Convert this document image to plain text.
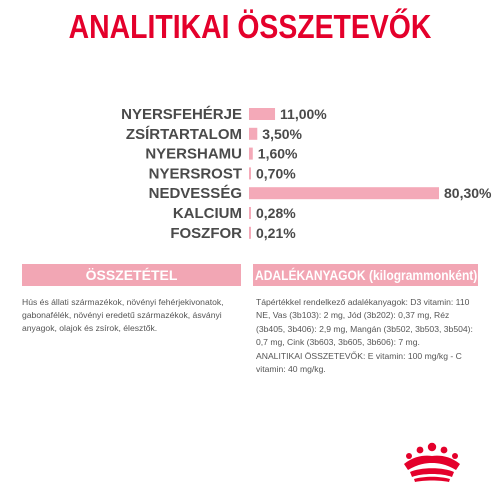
ANALITIKAI ÖSSZETEVŐK
NYERSFEHÉRJE	11,00%
ZSÍRTARTALOM 3,50%
NYERSHAMU 1,60%
NYERSROST 0,70%
NEDVESSÉG	80,30%
KALCIUM 0,28%
FOSZFOR 0,21%
ÖSSZETÉTEL	ADALÉKANYAGOK (kilogrammonként)
Hús és állati származékok, növényi fehérjekivonatok, gabonafélék, növényi eredetű származékok, ásványi anyagok, olajok és zsírok, élesztők.
Tápértékkel rendelkező adalékanyagok: D3 vitamin: 110 NE, Vas (3b103): 2 mg, Jód (3b202): 0,37 mg, Réz (3b405, 3b406): 2,9 mg, Mangán (3b502, 3b503, 3b504): 0,7 mg, Cink (3b603, 3b605, 3b606): 7 mg.
ANALITIKAI ÖSSZETEVŐK: E vitamin: 100 mg/kg - C vitamin: 40 mg/kg.
